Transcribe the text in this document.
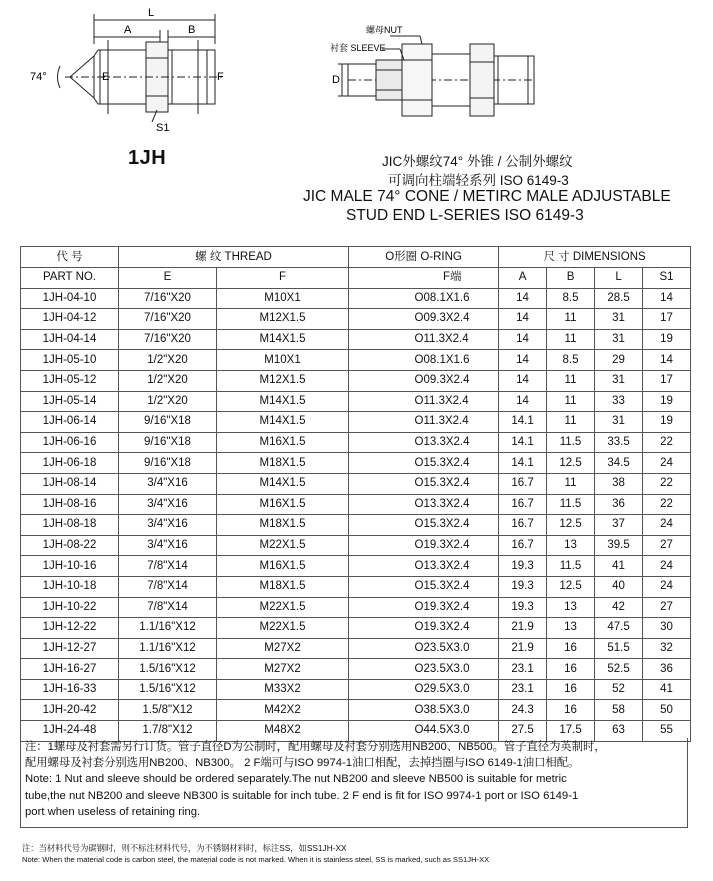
L
A	B
E	F
74°
S1
螺母NUT
衬套 SLEEVE
D
1JH	JIC外螺纹74° 外锥 / 公制外螺纹
可调向柱端轻系列 ISO 6149-3
JIC MALE 74° CONE / METIRC MALE ADJUSTABLE
STUD END L-SERIES ISO 6149-3
代 号	螺 纹 THREAD		O形圈 O-RING		尺 寸 DIMENSIONS			
PART NO.	E	F		F端	A	B	L	S1
1JH-04-10	7/16"X20	M10X1		O08.1X1.6	14	8.5	28.5	14
1JH-04-12	7/16"X20	M12X1.5		O09.3X2.4	14	11	31	17
1JH-04-14	7/16"X20	M14X1.5		O11.3X2.4	14	11	31	19
1JH-05-10	1/2"X20	M10X1		O08.1X1.6	14	8.5	29	14
1JH-05-12	1/2"X20	M12X1.5		O09.3X2.4	14	11	31	17
1JH-05-14	1/2"X20	M14X1.5		O11.3X2.4	14	11	33	19
1JH-06-14	9/16"X18	M14X1.5		O11.3X2.4	14.1	11	31	19
1JH-06-16	9/16"X18	M16X1.5		O13.3X2.4	14.1	11.5	33.5	22
1JH-06-18	9/16"X18	M18X1.5		O15.3X2.4	14.1	12.5	34.5	24
1JH-08-14	3/4"X16	M14X1.5		O15.3X2.4	16.7	11	38	22
1JH-08-16	3/4"X16	M16X1.5		O13.3X2.4	16.7	11.5	36	22
1JH-08-18	3/4"X16	M18X1.5		O15.3X2.4	16.7	12.5	37	24
1JH-08-22	3/4"X16	M22X1.5		O19.3X2.4	16.7	13	39.5	27
1JH-10-16	7/8"X14	M16X1.5		O13.3X2.4	19.3	11.5	41	24
1JH-10-18	7/8"X14	M18X1.5		O15.3X2.4	19.3	12.5	40	24
1JH-10-22	7/8"X14	M22X1.5		O19.3X2.4	19.3	13	42	27
1JH-12-22	1.1/16"X12	M22X1.5		O19.3X2.4	21.9	13	47.5	30
1JH-12-27	1.1/16"X12	M27X2		O23.5X3.0	21.9	16	51.5	32
1JH-16-27	1.5/16"X12	M27X2		O23.5X3.0	23.1	16	52.5	36
1JH-16-33	1.5/16"X12	M33X2		O29.5X3.0	23.1	16	52	41
1JH-20-42	1.5/8"X12	M42X2		O38.5X3.0	24.3	16	58	50
1JH-24-48	1.7/8"X12	M48X2		O44.5X3.0	27.5	17.5	63	55

注：1螺母及衬套需另行订货。管子直径D为公制时，配用螺母及衬套分别选用NB200、NB500。管子直径为英制时，

配用螺母及衬套分别选用NB200、NB300。 2 F端可与ISO 9974-1油口相配，去掉挡圈与ISO 6149-1油口相配。

Note: 1 Nut and sleeve should be ordered separately.The nut NB200 and sleeve NB500 is suitable for metric

tube,the nut NB200 and sleeve NB300 is suitable for inch tube. 2 F end is fit for ISO 9974-1 port or ISO 6149-1

port when useless of retaining ring.

注：当材料代号为碳钢时，则不标注材料代号，为不锈钢材料时，标注SS，如SS1JH-XX
Note: When the material code is carbon steel, the material code is not marked. When it is stainless steel, SS is marked, such as SS1JH-XX
